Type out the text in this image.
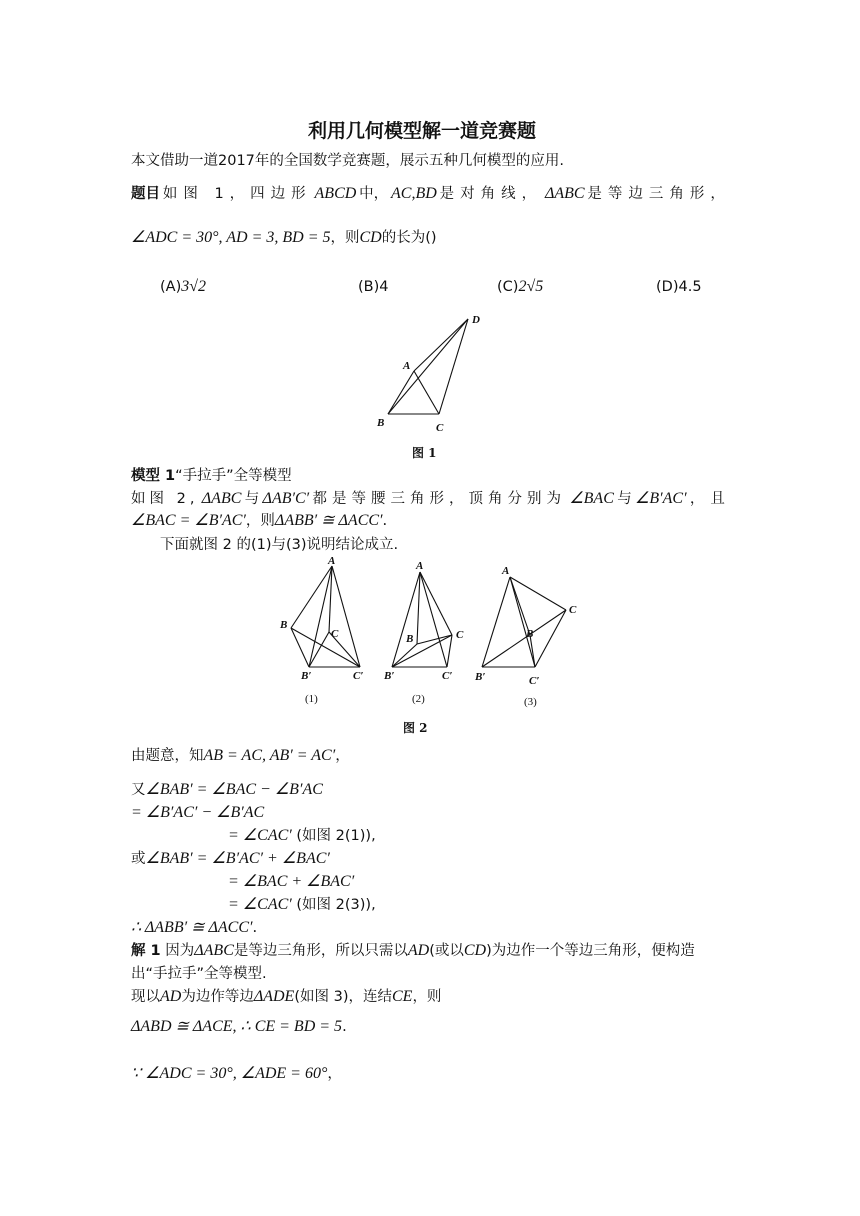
利用几何模型解一道竞赛题
本文借助一道2017年的全国数学竞赛题，展示五种几何模型的应用.
题目 如图 1，四边形 ABCD 中， AC,BD 是对角线， ΔABC 是等边三角形，
∠ADC = 30°, AD = 3, BD = 5，则CD的长为()
(A)3√2	(B)4	(C)2√5	(D)4.5
D
A
B	C
图 1
模型 1“手拉手”全等模型
如图 2, ΔABC 与 ΔAB′C′ 都是等腰三角形，顶角分别为 ∠BAC 与 ∠B′AC′ ，且
∠BAC = ∠B′AC′，则ΔABB′ ≅ ΔACC′.
下面就图 2 的(1)与(3)说明结论成立.
A
B
C
B′	C′
(1)
A
B	C
B′	C′
(2)
A
B
C
B′	C′
(3)
图 2
由题意，知AB = AC, AB′ = AC′，
又∠BAB′ = ∠BAC − ∠B′AC
= ∠B′AC′ − ∠B′AC
= ∠CAC′ (如图 2(1)),
或∠BAB′ = ∠B′AC′ + ∠BAC′
= ∠BAC + ∠BAC′
= ∠CAC′ (如图 2(3)),
∴ ΔABB′ ≅ ΔACC′.
解 1 因为ΔABC是等边三角形，所以只需以AD(或以CD)为边作一个等边三角形，便构造
出“手拉手”全等模型.
现以AD为边作等边ΔADE(如图 3)，连结CE，则
ΔABD ≅ ΔACE, ∴ CE = BD = 5.
∵ ∠ADC = 30°, ∠ADE = 60°，
